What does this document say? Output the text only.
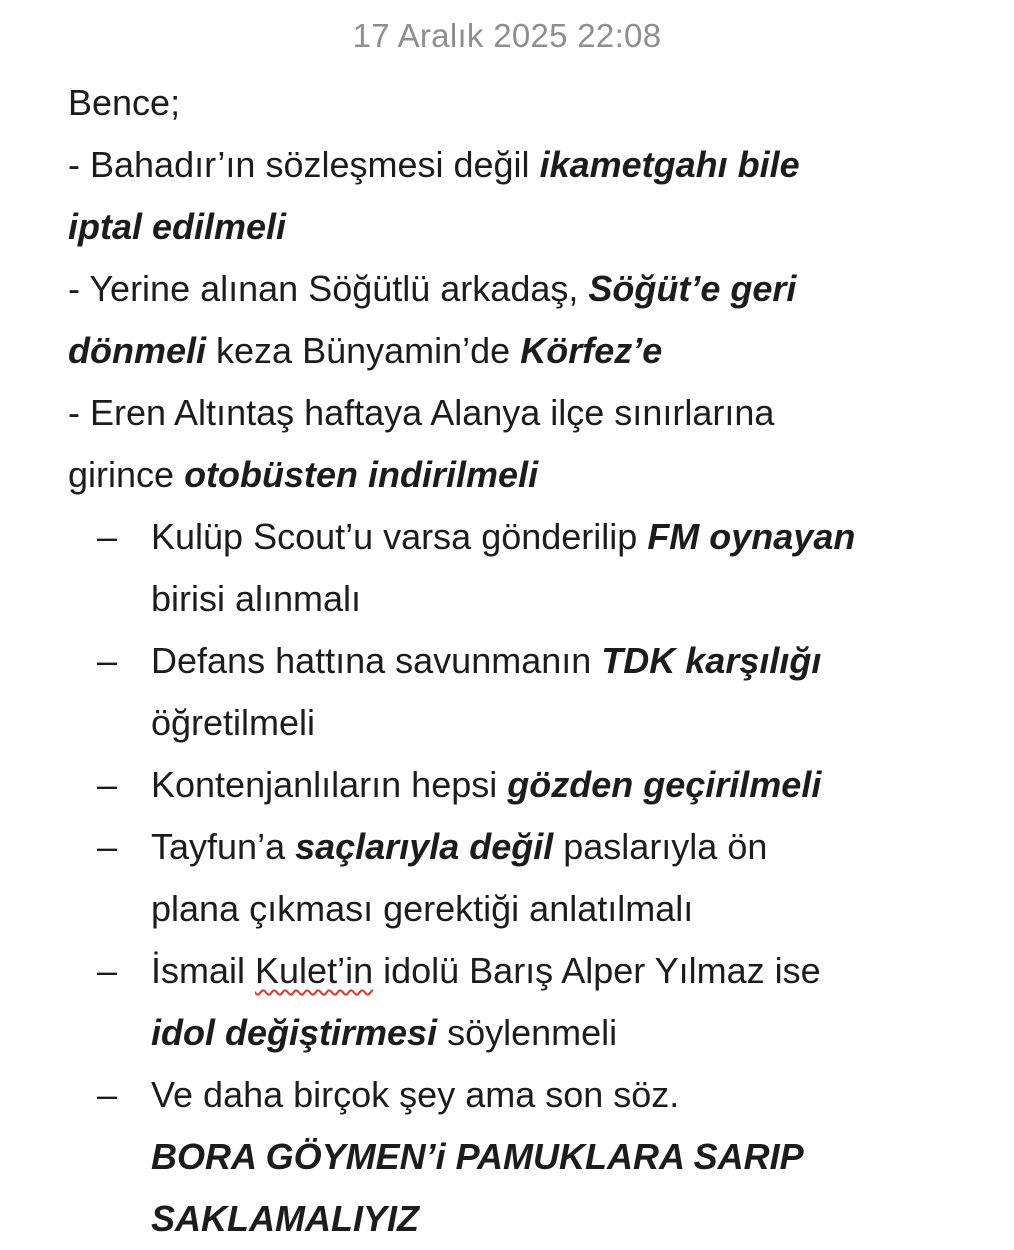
17 Aralık 2025 22:08
Bence;
- Bahadır’ın sözleşmesi değil ikametgahı bile
iptal edilmeli
- Yerine alınan Söğütlü arkadaş, Söğüt’e geri
dönmeli keza Bünyamin’de Körfez’e
- Eren Altıntaş haftaya Alanya ilçe sınırlarına
girince otobüsten indirilmeli
– Kulüp Scout’u varsa gönderilip FM oynayan
birisi alınmalı
– Defans hattına savunmanın TDK karşılığı
öğretilmeli
– Kontenjanlıların hepsi gözden geçirilmeli
– Tayfun’a saçlarıyla değil paslarıyla ön
plana çıkması gerektiği anlatılmalı
– İsmail Kulet’in idolü Barış Alper Yılmaz ise
idol değiştirmesi söylenmeli
– Ve daha birçok şey ama son söz.
BORA GÖYMEN’i PAMUKLARA SARIP
SAKLAMALIYIZ
